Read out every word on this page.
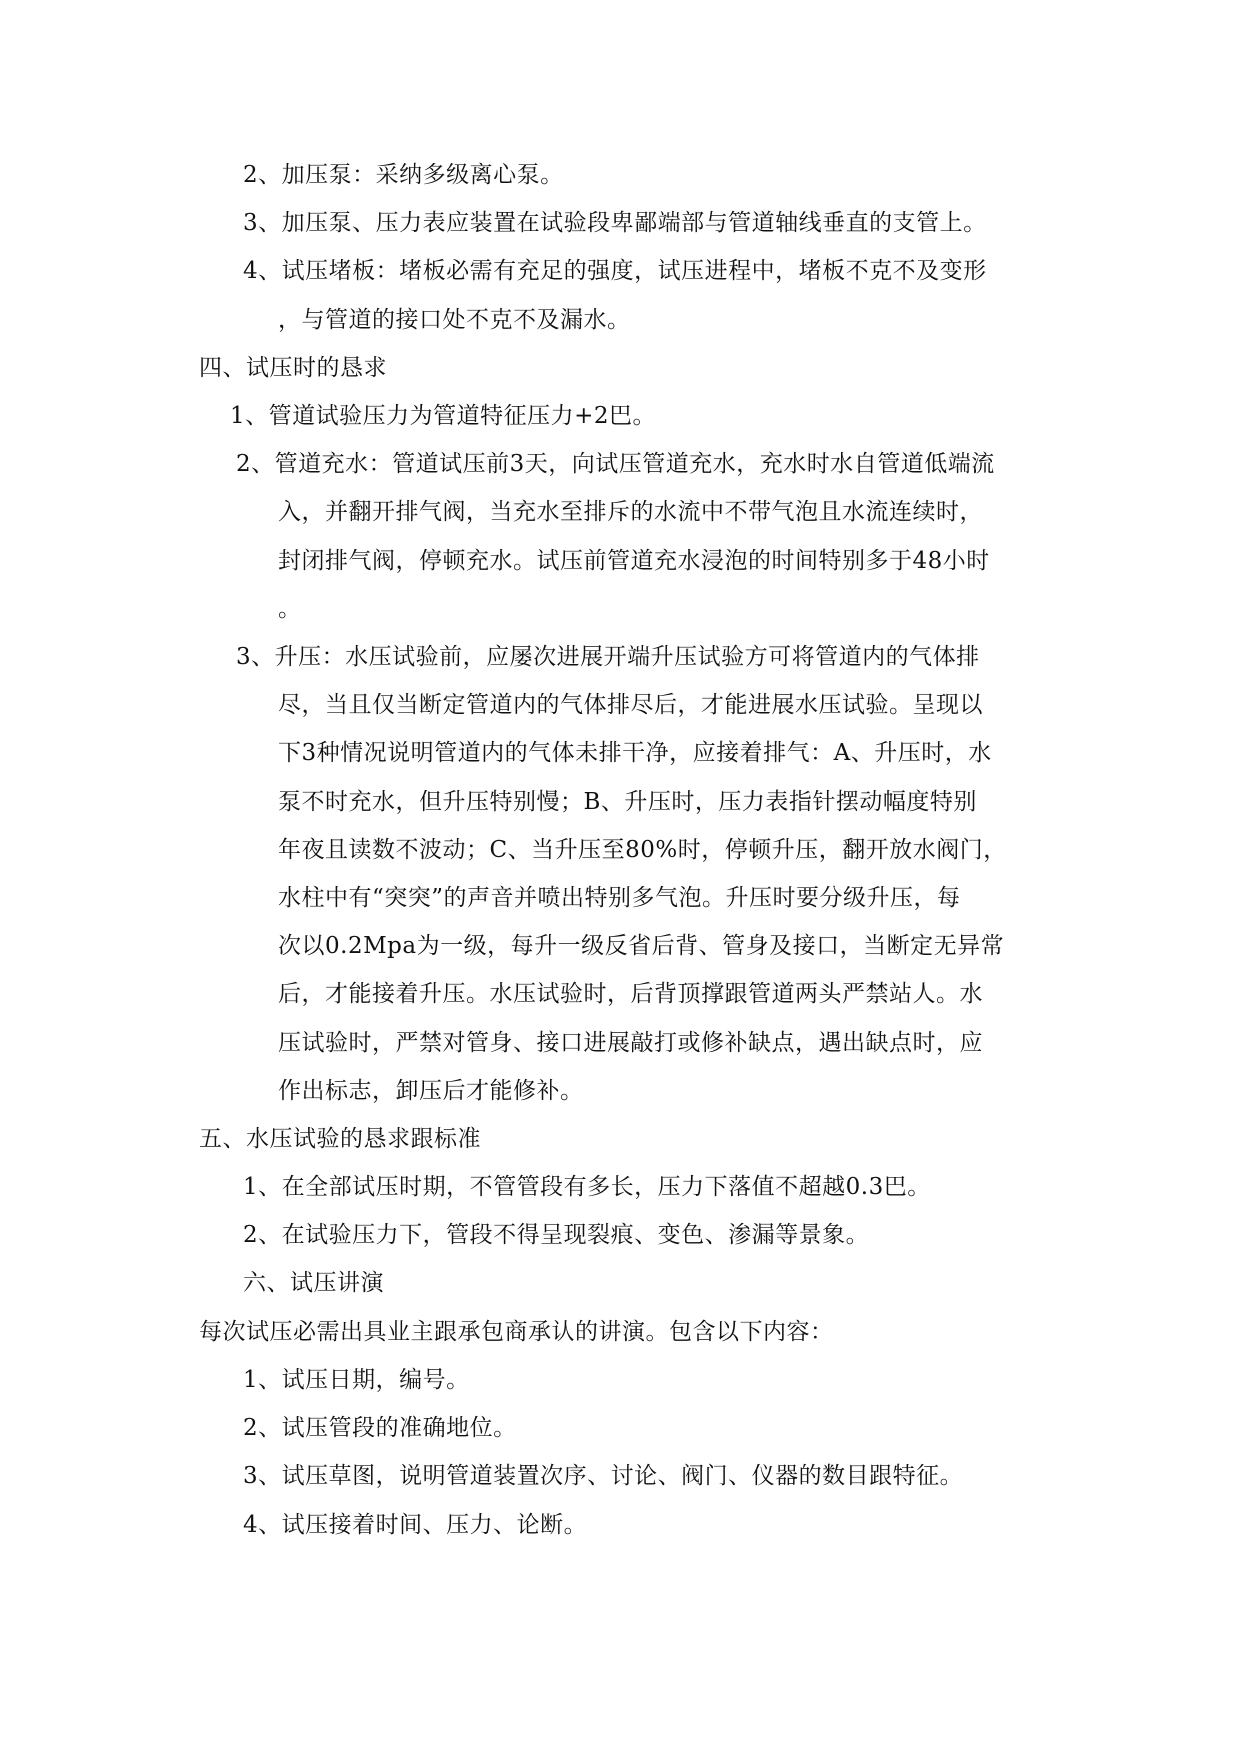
2、加压泵：采纳多级离心泵。
3、加压泵、压力表应装置在试验段卑鄙端部与管道轴线垂直的支管上。
4、试压堵板：堵板必需有充足的强度，试压进程中，堵板不克不及变形
，与管道的接口处不克不及漏水。
四、试压时的恳求
1、管道试验压力为管道特征压力+2巴。
2、管道充水：管道试压前3天，向试压管道充水，充水时水自管道低端流
入，并翻开排气阀，当充水至排斥的水流中不带气泡且水流连续时，
封闭排气阀，停顿充水。试压前管道充水浸泡的时间特别多于48小时
。
3、升压：水压试验前，应屡次进展开端升压试验方可将管道内的气体排
尽，当且仅当断定管道内的气体排尽后，才能进展水压试验。呈现以
下3种情况说明管道内的气体未排干净，应接着排气：A、升压时，水
泵不时充水，但升压特别慢；B、升压时，压力表指针摆动幅度特别
年夜且读数不波动；C、当升压至80%时，停顿升压，翻开放水阀门，
水柱中有“突突”的声音并喷出特别多气泡。升压时要分级升压，每
次以0.2Mpa为一级，每升一级反省后背、管身及接口，当断定无异常
后，才能接着升压。水压试验时，后背顶撑跟管道两头严禁站人。水
压试验时，严禁对管身、接口进展敲打或修补缺点，遇出缺点时，应
作出标志，卸压后才能修补。
五、水压试验的恳求跟标准
1、在全部试压时期，不管管段有多长，压力下落值不超越0.3巴。
2、在试验压力下，管段不得呈现裂痕、变色、渗漏等景象。
六、试压讲演
每次试压必需出具业主跟承包商承认的讲演。包含以下内容：
1、试压日期，编号。
2、试压管段的准确地位。
3、试压草图，说明管道装置次序、讨论、阀门、仪器的数目跟特征。
4、试压接着时间、压力、论断。
